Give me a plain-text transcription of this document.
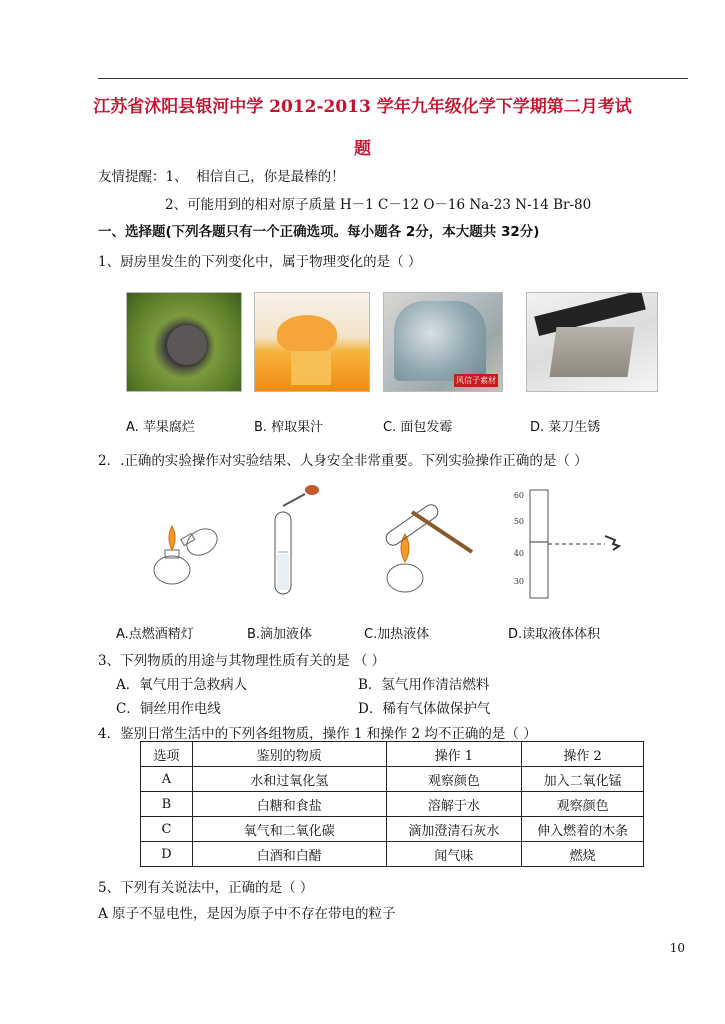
江苏省沭阳县银河中学 2012-2013 学年九年级化学下学期第二月考试
题
友情提醒：1、 相信自己，你是最棒的！
2、可能用到的相对原子质量 H－1 C－12 O－16 Na-23 N-14 Br-80
一、选择题(下列各题只有一个正确选项。每小题各 2分，本大题共 32分)
1、厨房里发生的下列变化中，属于物理变化的是（ ）
风信子素材
A. 苹果腐烂	B. 榨取果汁	C. 面包发霉	D. 菜刀生锈
2．.正确的实验操作对实验结果、人身安全非常重要。下列实验操作正确的是（ ）
60
50
40
30
A.点燃酒精灯	B.滴加液体	C.加热液体	D.读取液体体积
3、下列物质的用途与其物理性质有关的是 （ ）
A．氧气用于急救病人	B．氢气用作清洁燃料
C．铜丝用作电线	D．稀有气体做保护气
4．鉴别日常生活中的下列各组物质，操作 1 和操作 2 均不正确的是（ ）
选项	鉴别的物质	操作 1	操作 2
A	水和过氧化氢	观察颜色	加入二氧化锰
B	白糖和食盐	溶解于水	观察颜色
C	氧气和二氧化碳	滴加澄清石灰水	伸入燃着的木条
D	白酒和白醋	闻气味	燃烧
5、下列有关说法中，正确的是（ ）
A 原子不显电性，是因为原子中不存在带电的粒子
10
